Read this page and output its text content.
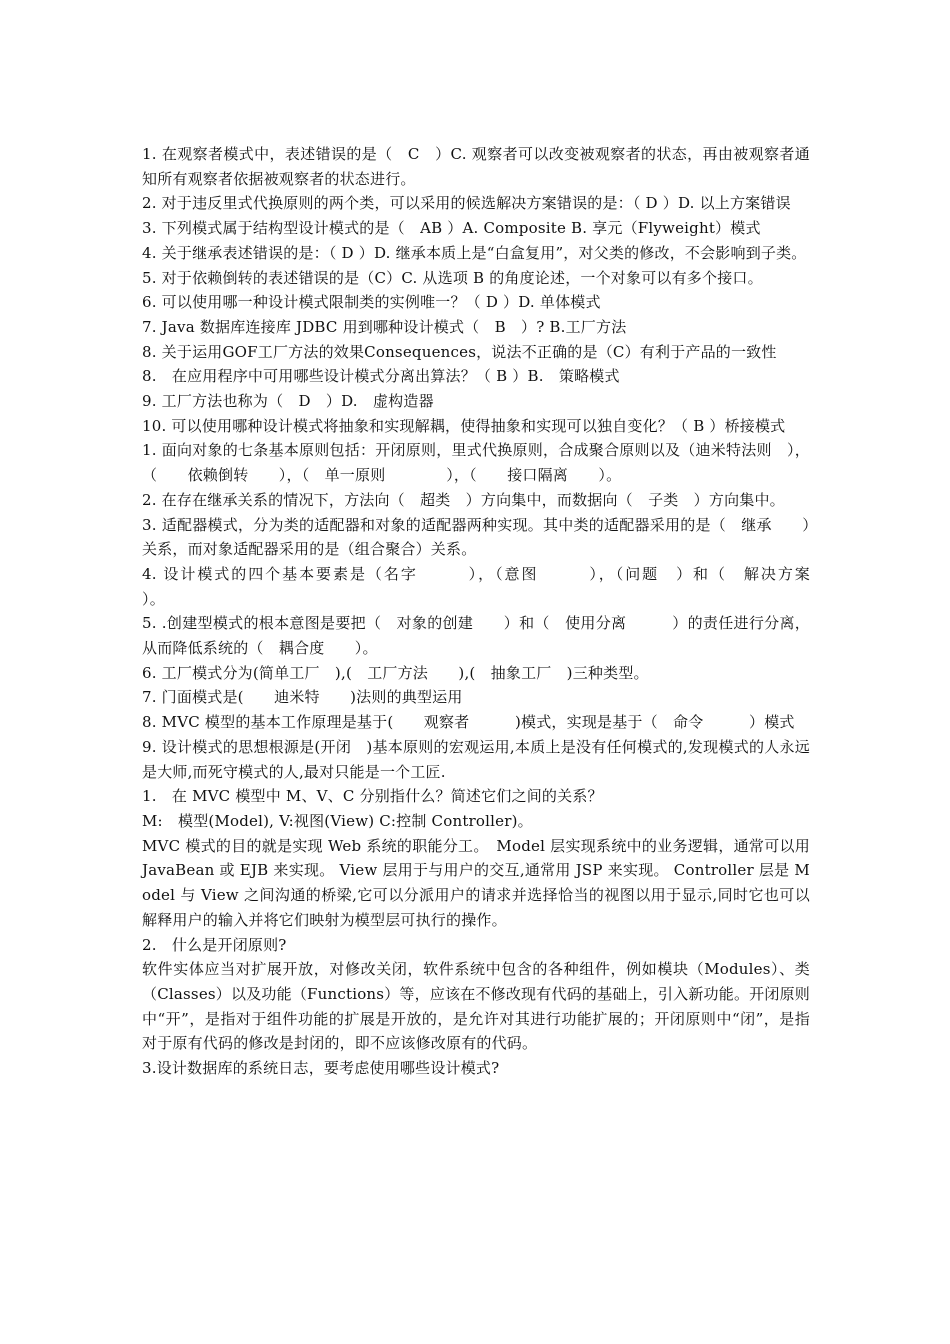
1. 在观察者模式中，表述错误的是（　C　）C. 观察者可以改变被观察者的状态，再由被观察者通知所有观察者依据被观察者的状态进行。

2. 对于违反里式代换原则的两个类，可以采用的候选解决方案错误的是：（ D ）D. 以上方案错误

3. 下列模式属于结构型设计模式的是（　AB ）A. Composite B. 享元（Flyweight）模式

4. 关于继承表述错误的是：（ D ）D. 继承本质上是“白盒复用”，对父类的修改，不会影响到子类。

5. 对于依赖倒转的表述错误的是（C）C. 从选项 B 的角度论述，一个对象可以有多个接口。

6. 可以使用哪一种设计模式限制类的实例唯一？（ D ）D. 单体模式

7. Java 数据库连接库 JDBC 用到哪种设计模式（　B　）? B.工厂方法

8. 关于运用GOF工厂方法的效果Consequences，说法不正确的是（C）有利于产品的一致性

8.　在应用程序中可用哪些设计模式分离出算法？（ B ）B.　策略模式

9. 工厂方法也称为（　D　）D.　虚构造器

10. 可以使用哪种设计模式将抽象和实现解耦，使得抽象和实现可以独自变化？（ B ）桥接模式

1. 面向对象的七条基本原则包括：开闭原则，里式代换原则，合成聚合原则以及（迪米特法则　），（　　依赖倒转　　），（　单一原则　　　　），（　　接口隔离　　）。

2. 在存在继承关系的情况下，方法向（　超类　）方向集中，而数据向（　子类　）方向集中。

3. 适配器模式，分为类的适配器和对象的适配器两种实现。其中类的适配器采用的是（　继承　　）关系，而对象适配器采用的是（组合聚合）关系。

4. 设计模式的四个基本要素是（名字　　　），（意图　　　），（问题　）和（　解决方案　　　　）。

5. .创建型模式的根本意图是要把（　对象的创建　　）和（　使用分离　　　）的责任进行分离，从而降低系统的（　耦合度　　）。

6. 工厂模式分为(简单工厂　),(　工厂方法　　),(　抽象工厂　)三种类型。

7. 门面模式是(　　迪米特　　)法则的典型运用

8. MVC 模型的基本工作原理是基于(　　观察者　　　)模式，实现是基于（　命令　　　）模式

9. 设计模式的思想根源是(开闭　)基本原则的宏观运用,本质上是没有任何模式的,发现模式的人永远是大师,而死守模式的人,最对只能是一个工匠.

1.　在 MVC 模型中 M、V、C 分别指什么？简述它们之间的关系？

M:　模型(Model), V:视图(View) C:控制 Controller)。

MVC 模式的目的就是实现 Web 系统的职能分工。　Model 层实现系统中的业务逻辑，通常可以用 JavaBean 或 EJB 来实现。 View 层用于与用户的交互,通常用 JSP 来实现。 Controller 层是 Model 与 View 之间沟通的桥梁,它可以分派用户的请求并选择恰当的视图以用于显示,同时它也可以解释用户的输入并将它们映射为模型层可执行的操作。

2.　什么是开闭原则?

软件实体应当对扩展开放，对修改关闭，软件系统中包含的各种组件，例如模块（Modules）、类（Classes）以及功能（Functions）等，应该在不修改现有代码的基础上，引入新功能。开闭原则中“开”，是指对于组件功能的扩展是开放的，是允许对其进行功能扩展的；开闭原则中“闭”，是指对于原有代码的修改是封闭的，即不应该修改原有的代码。

3.设计数据库的系统日志，要考虑使用哪些设计模式?
